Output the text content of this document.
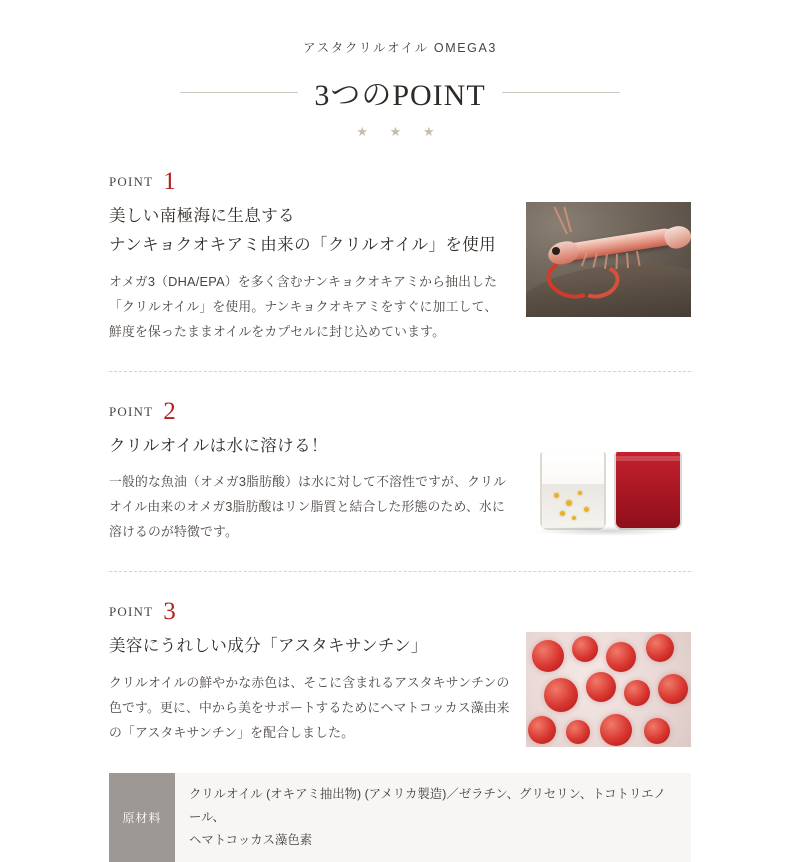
アスタクリルオイル OMEGA3
3つのPOINT
★ ★ ★
POINT 1
美しい南極海に生息する
ナンキョクオキアミ由来の「クリルオイル」を使用
オメガ3（DHA/EPA）を多く含むナンキョクオキアミから抽出した「クリルオイル」を使用。ナンキョクオキアミをすぐに加工して、鮮度を保ったままオイルをカプセルに封じ込めています。
POINT 2
クリルオイルは水に溶ける！
一般的な魚油（オメガ3脂肪酸）は水に対して不溶性ですが、クリルオイル由来のオメガ3脂肪酸はリン脂質と結合した形態のため、水に溶けるのが特徴です。
POINT 3
美容にうれしい成分「アスタキサンチン」
クリルオイルの鮮やかな赤色は、そこに含まれるアスタキサンチンの色です。更に、中から美をサポートするためにヘマトコッカス藻由来の「アスタキサンチン」を配合しました。
原材料
クリルオイル (オキアミ抽出物) (アメリカ製造)／ゼラチン、グリセリン、トコトリエノール、
ヘマトコッカス藻色素
